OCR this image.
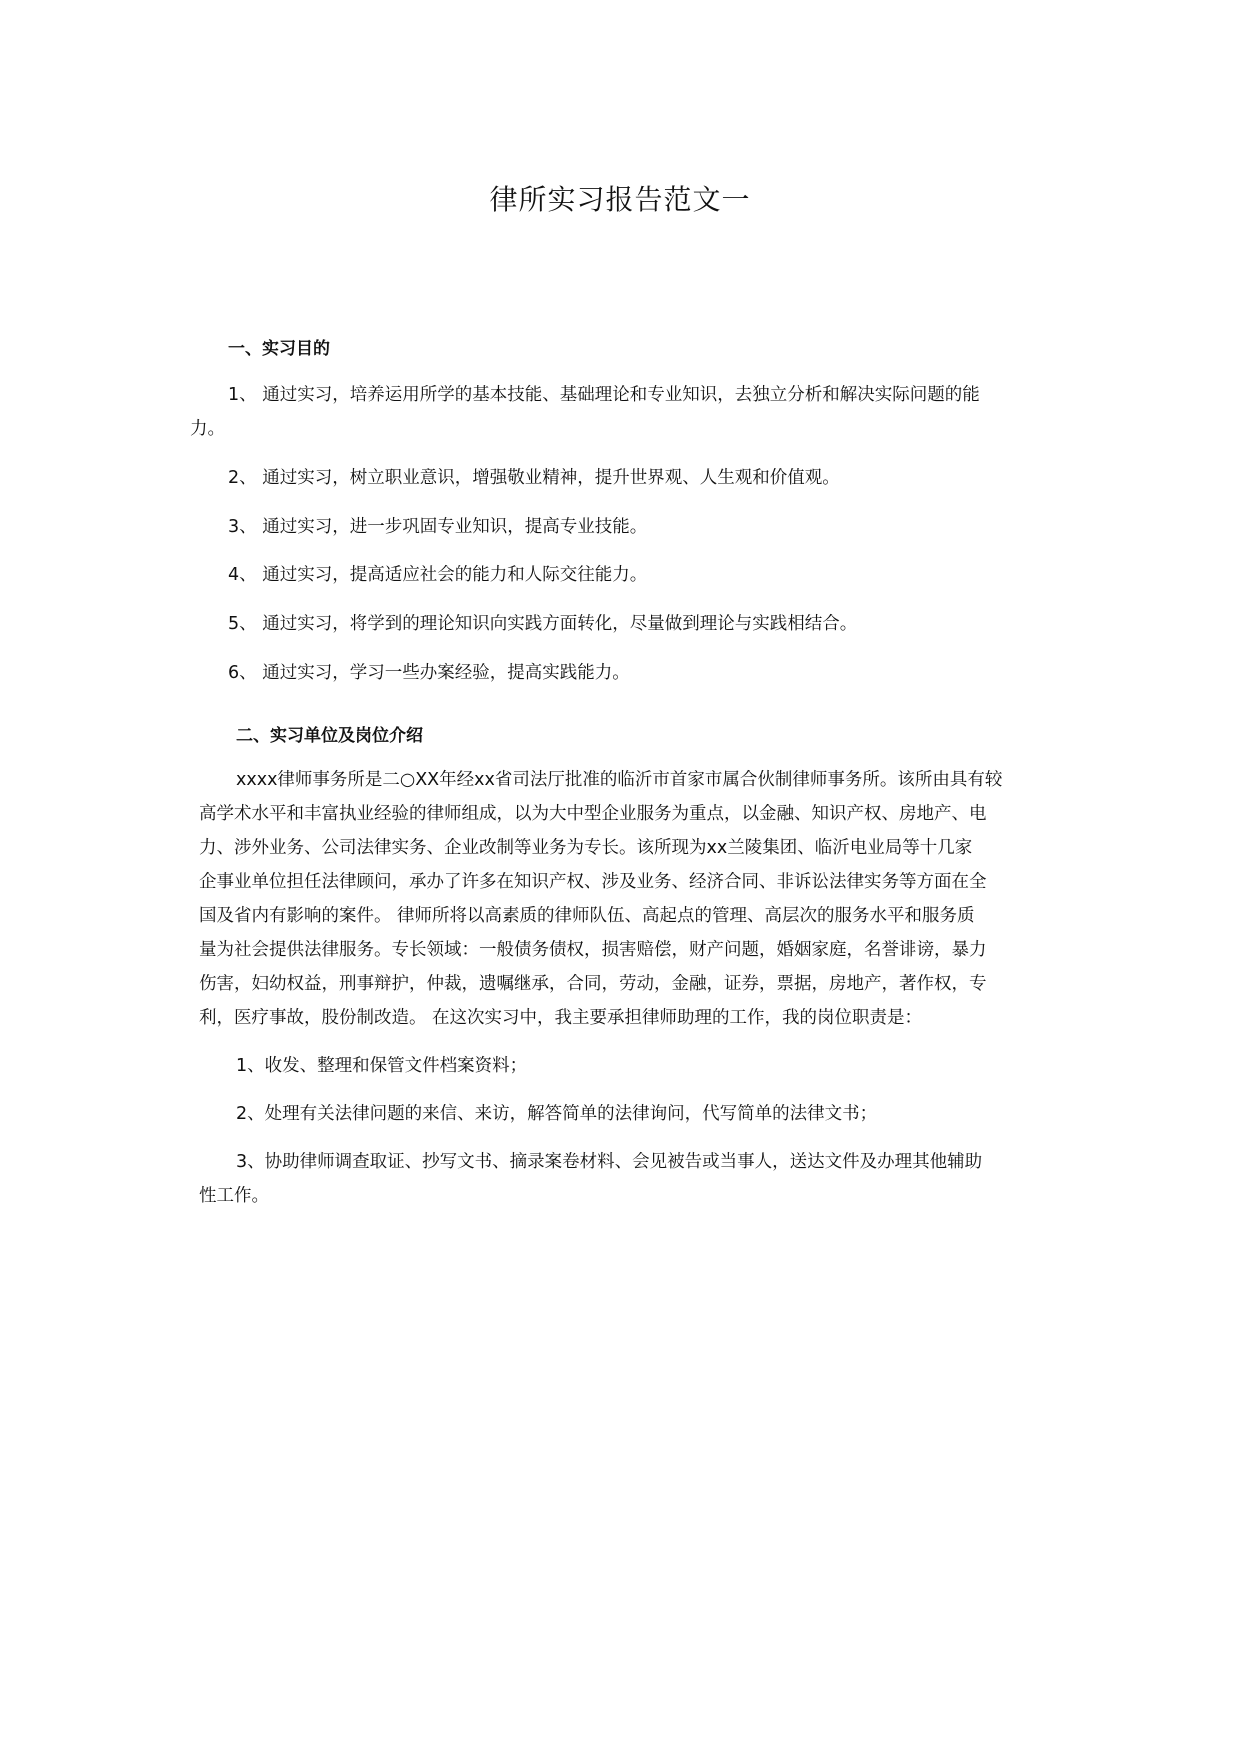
律所实习报告范文一
一、实习目的
1、 通过实习，培养运用所学的基本技能、基础理论和专业知识，去独立分析和解决实际问题的能
力。
2、 通过实习，树立职业意识，增强敬业精神，提升世界观、人生观和价值观。
3、 通过实习，进一步巩固专业知识，提高专业技能。
4、 通过实习，提高适应社会的能力和人际交往能力。
5、 通过实习，将学到的理论知识向实践方面转化，尽量做到理论与实践相结合。
6、 通过实习，学习一些办案经验，提高实践能力。
二、实习单位及岗位介绍
xxxx律师事务所是二○XX年经xx省司法厅批准的临沂市首家市属合伙制律师事务所。该所由具有较
高学术水平和丰富执业经验的律师组成，以为大中型企业服务为重点，以金融、知识产权、房地产、电
力、涉外业务、公司法律实务、企业改制等业务为专长。该所现为xx兰陵集团、临沂电业局等十几家
企事业单位担任法律顾问，承办了许多在知识产权、涉及业务、经济合同、非诉讼法律实务等方面在全
国及省内有影响的案件。 律师所将以高素质的律师队伍、高起点的管理、高层次的服务水平和服务质
量为社会提供法律服务。专长领域：一般债务债权，损害赔偿，财产问题，婚姻家庭，名誉诽谤，暴力
伤害，妇幼权益，刑事辩护，仲裁，遗嘱继承，合同，劳动，金融，证券，票据，房地产，著作权，专
利，医疗事故，股份制改造。 在这次实习中，我主要承担律师助理的工作，我的岗位职责是：
1、收发、整理和保管文件档案资料；
2、处理有关法律问题的来信、来访，解答简单的法律询问，代写简单的法律文书；
3、协助律师调查取证、抄写文书、摘录案卷材料、会见被告或当事人，送达文件及办理其他辅助
性工作。
